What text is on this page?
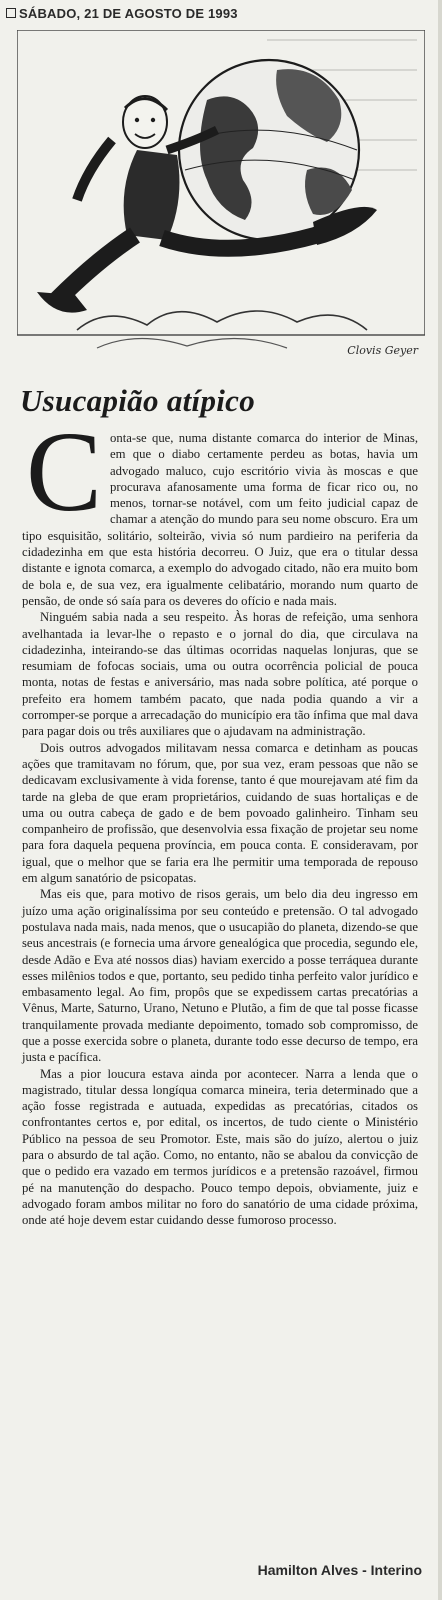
SÁBADO, 21 DE AGOSTO DE 1993
Clovis Geyer
Usucapião atípico

Conta-se que, numa distante comarca do interior de Minas, em que o diabo certamente perdeu as botas, havia um advogado maluco, cujo escritório vivia às moscas e que procurava afanosamente uma forma de ficar rico ou, no menos, tornar-se notável, com um feito judicial capaz de chamar a atenção do mundo para seu nome obscuro. Era um tipo esquisitão, solitário, solteirão, vivia só num pardieiro na periferia da cidadezinha em que esta história decorreu. O Juiz, que era o titular dessa distante e ignota comarca, a exemplo do advogado citado, não era muito bom de bola e, de sua vez, era igualmente celibatário, morando num quarto de pensão, de onde só saía para os deveres do ofício e nada mais.

Ninguém sabia nada a seu respeito. Às horas de refeição, uma senhora avelhantada ia levar-lhe o repasto e o jornal do dia, que circulava na cidadezinha, inteirando-se das últimas ocorridas naquelas lonjuras, que se resumiam de fofocas sociais, uma ou outra ocorrência policial de pouca monta, notas de festas e aniversário, mas nada sobre política, até porque o prefeito era homem também pacato, que nada podia quando a vir a corromper-se porque a arrecadação do município era tão ínfima que mal dava para pagar dois ou três auxiliares que o ajudavam na administração.

Dois outros advogados militavam nessa comarca e detinham as poucas ações que tramitavam no fórum, que, por sua vez, eram pessoas que não se dedicavam exclusivamente à vida forense, tanto é que mourejavam até fim da tarde na gleba de que eram proprietários, cuidando de suas hortaliças e de uma ou outra cabeça de gado e de bem povoado galinheiro. Tinham seu companheiro de profissão, que desenvolvia essa fixação de projetar seu nome para fora daquela pequena província, em pouca conta. E consideravam, por igual, que o melhor que se faria era lhe permitir uma temporada de repouso em algum sanatório de psicopatas.

Mas eis que, para motivo de risos gerais, um belo dia deu ingresso em juízo uma ação originalíssima por seu conteúdo e pretensão. O tal advogado postulava nada mais, nada menos, que o usucapião do planeta, dizendo-se que seus ancestrais (e fornecia uma árvore genealógica que procedia, segundo ele, desde Adão e Eva até nossos dias) haviam exercido a posse terráquea durante esses milênios todos e que, portanto, seu pedido tinha perfeito valor jurídico e embasamento legal. Ao fim, propôs que se expedissem cartas precatórias a Vênus, Marte, Saturno, Urano, Netuno e Plutão, a fim de que tal posse ficasse tranquilamente provada mediante depoimento, tomado sob compromisso, de que a posse exercida sobre o planeta, durante todo esse decurso de tempo, era justa e pacífica.

Mas a pior loucura estava ainda por acontecer. Narra a lenda que o magistrado, titular dessa longíqua comarca mineira, teria determinado que a ação fosse registrada e autuada, expedidas as precatórias, citados os confrontantes certos e, por edital, os incertos, de tudo ciente o Ministério Público na pessoa de seu Promotor. Este, mais são do juízo, alertou o juiz para o absurdo de tal ação. Como, no entanto, não se abalou da convicção de que o pedido era vazado em termos jurídicos e a pretensão razoável, firmou pé na manutenção do despacho. Pouco tempo depois, obviamente, juiz e advogado foram ambos militar no foro do sanatório de uma cidade próxima, onde até hoje devem estar cuidando desse fumoroso processo.

Hamilton Alves - Interino
